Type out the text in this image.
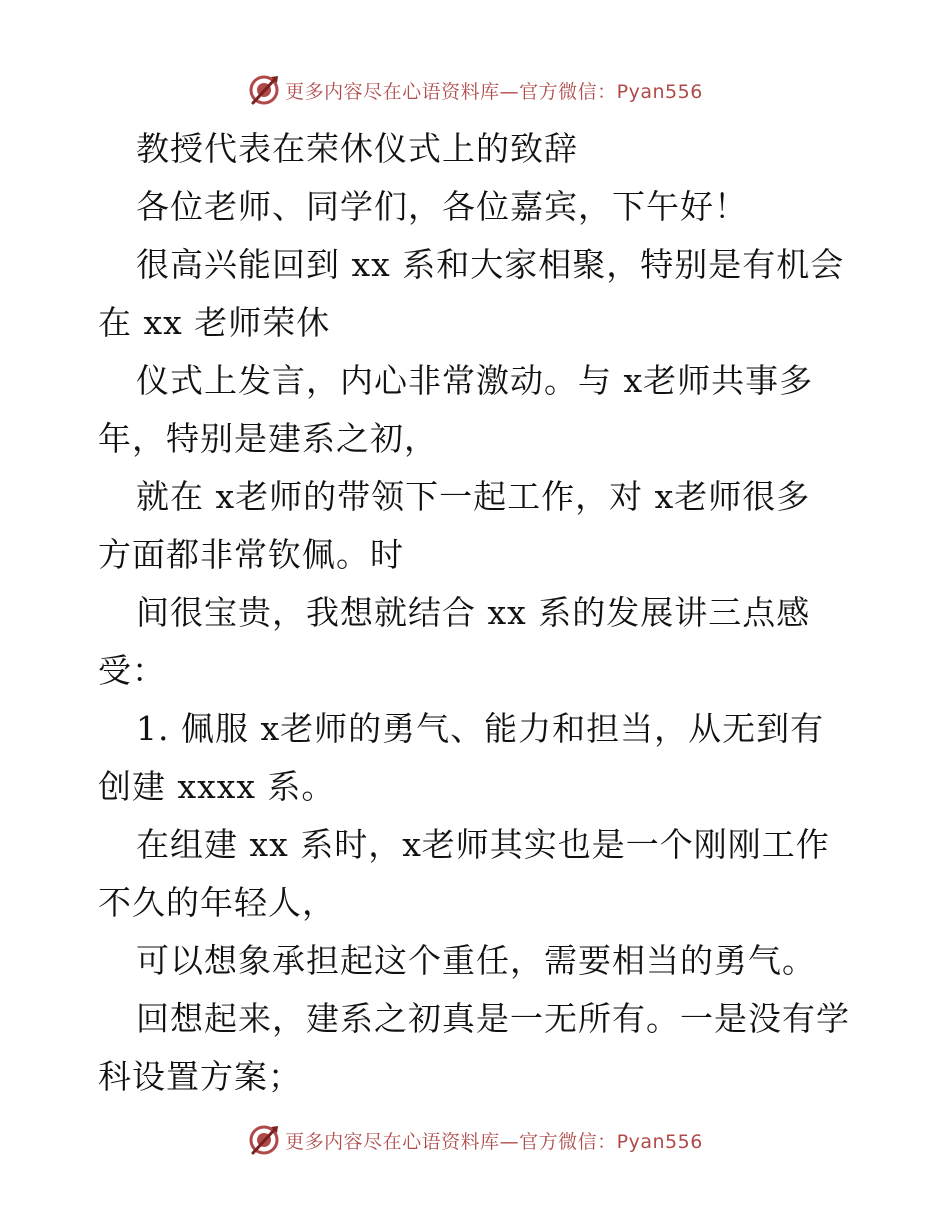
更多内容尽在心语资料库—官方微信：Pyan556

教授代表在荣休仪式上的致辞

各位老师、同学们，各位嘉宾，下午好！

很高兴能回到 xx 系和大家相聚，特别是有机会

在 xx 老师荣休

仪式上发言，内心非常激动。与 x老师共事多

年，特别是建系之初，

就在 x老师的带领下一起工作，对 x老师很多

方面都非常钦佩。时

间很宝贵，我想就结合 xx 系的发展讲三点感

受：

1. 佩服 x老师的勇气、能力和担当，从无到有

创建 xxxx 系。

在组建 xx 系时，x老师其实也是一个刚刚工作

不久的年轻人，

可以想象承担起这个重任，需要相当的勇气。

回想起来，建系之初真是一无所有。一是没有学

科设置方案；

更多内容尽在心语资料库—官方微信：Pyan556
